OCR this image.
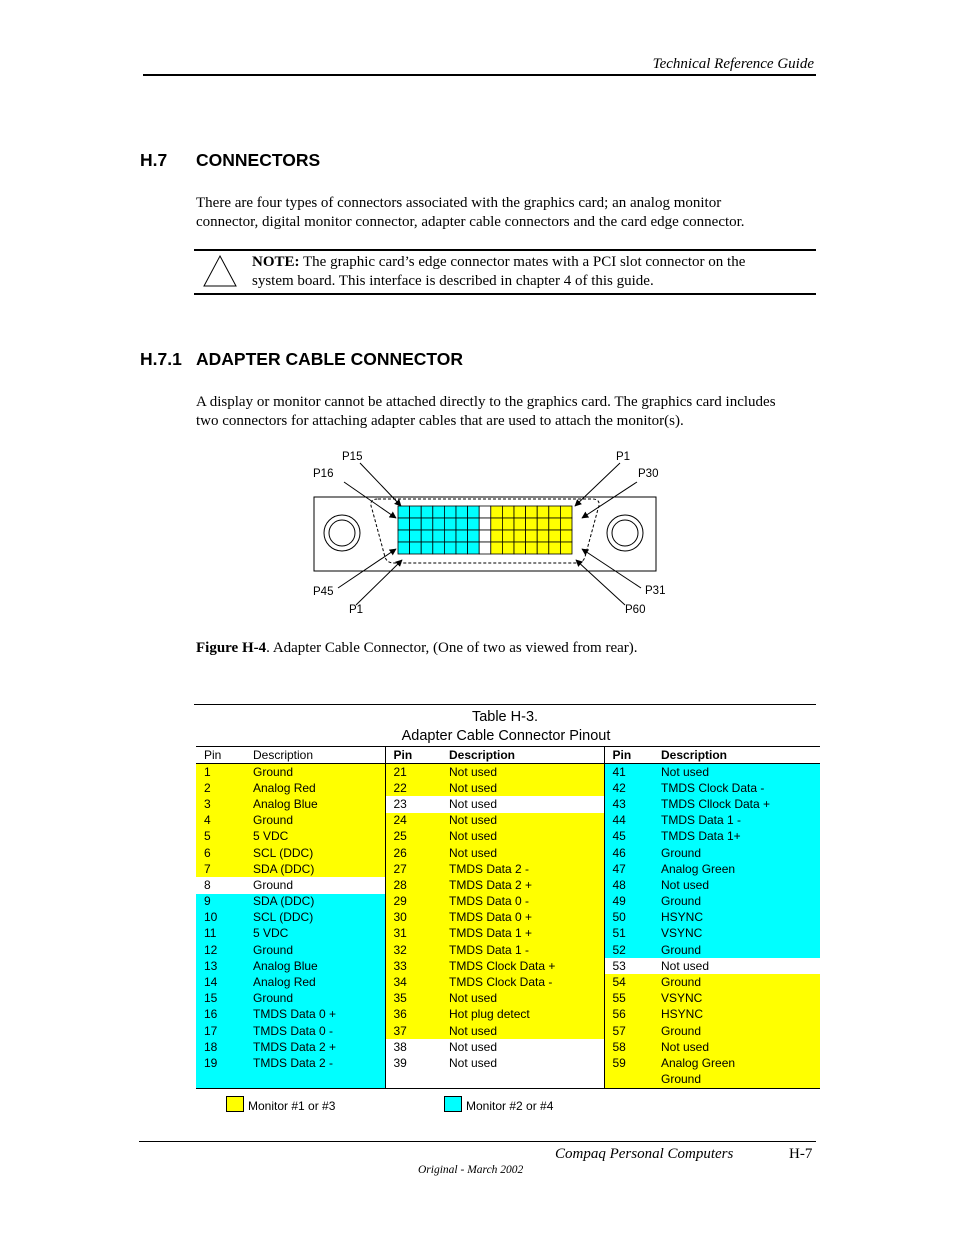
Technical Reference Guide
H.7 CONNECTORS
There are four types of connectors associated with the graphics card; an analog monitor
connector, digital monitor connector, adapter cable connectors and the card edge connector.
NOTE: The graphic card’s edge connector mates with a PCI slot connector on the
system board. This interface is described in chapter 4 of this guide.
H.7.1 ADAPTER CABLE CONNECTOR
A display or monitor cannot be attached directly to the graphics card. The graphics card includes
two connectors for attaching adapter cables that are used to attach the monitor(s).
P15	P1
P16	P30
P45
P1
P31
P60
Figure H-4. Adapter Cable Connector, (One of two as viewed from rear).
Table H-3.
Adapter Cable Connector Pinout
Pin	Description	Pin	Description	Pin	Description
1	Ground	21	Not used	41	Not used
2	Analog Red	22	Not used	42	TMDS Clock Data -
3	Analog Blue	23	Not used	43	TMDS Cllock Data +
4	Ground	24	Not used	44	TMDS Data 1 -
5	5 VDC	25	Not used	45	TMDS Data 1+
6	SCL (DDC)	26	Not used	46	Ground
7	SDA (DDC)	27	TMDS Data 2 -	47	Analog Green
8	Ground	28	TMDS Data 2 +	48	Not used
9	SDA (DDC)	29	TMDS Data 0 -	49	Ground
10	SCL (DDC)	30	TMDS Data 0 +	50	HSYNC
11	5 VDC	31	TMDS Data 1 +	51	VSYNC
12	Ground	32	TMDS Data 1 -	52	Ground
13	Analog Blue	33	TMDS Clock Data +	53	Not used
14	Analog Red	34	TMDS Clock Data -	54	Ground
15	Ground	35	Not used	55	VSYNC
16	TMDS Data 0 +	36	Hot plug detect	56	HSYNC
17	TMDS Data 0 -	37	Not used	57	Ground
18	TMDS Data 2 +	38	Not used	58	Not used
19	TMDS Data 2 -	39	Not used	59	Analog Green
					Ground
Monitor #1 or #3	Monitor #2 or #4
Compaq Personal Computers	H-7
Original - March 2002
